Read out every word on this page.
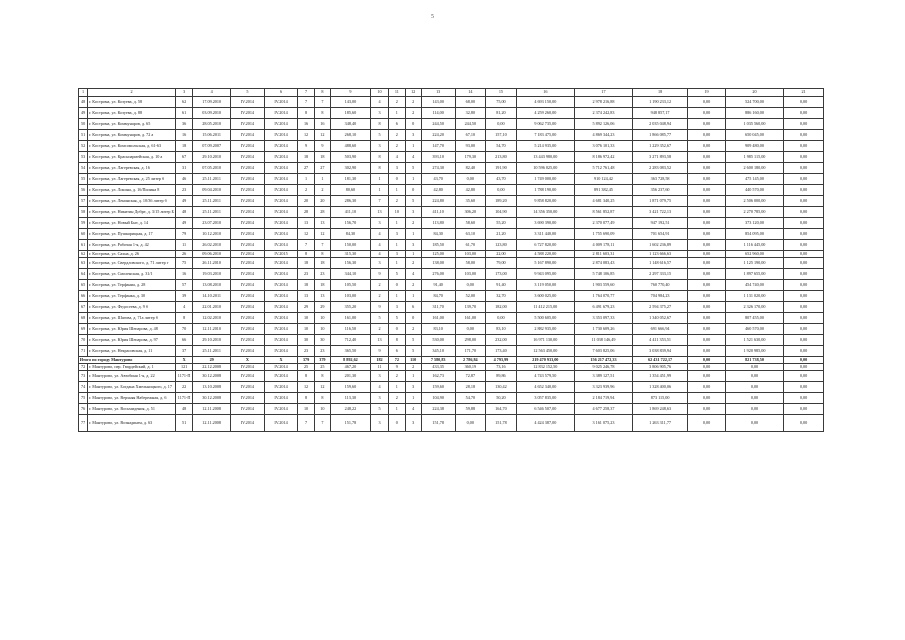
5
1	2	3	4	5	6	7	8	9	10	11	12	13	14	15	16	17	18	19	20	21
48	г. Кострома, ул. Козуева, д. 58	62	17.09.2010	IV.2014	IV.2014	7	7	143,00	4	2	2	143,00	68,00	75,00	4 693 150,00	2 978 216,88	1 190 233,12	0,00	524 700,00	0,00
49	г. Кострома, ул. Козуева, д. 88	61	03.09.2010	IV.2014	IV.2014	8	8	185,60	3	1	2	114,00	32,80	81,20	4 259 260,00	2 374 242,83	948 857,17	0,00	886 160,00	0,00
50	г. Кострома, ул. Коммунаров, д. 65	36	28.05.2010	IV.2014	IV.2014	16	16	348,40	8	6	0	244,50	244,50	0,00	9 062 735,00	5 892 126,06	2 035 048,94	0,00	1 035 560,00	0,00
51	г. Кострома, ул. Коммунаров, д. 72 а	16	15.06.2011	IV.2014	IV.2014	12	12	268,10	5	2	3	224,20	67,10	157,10	7 183 475,00	4 869 344,23	1 866 085,77	0,00	650 045,00	0,00
52	г. Кострома, ул. Комсомольская, д. 61-63	18	07.09.2007	IV.2014	IV.2014	9	9	488,60	3	2	1	147,70	93,00	54,70	5 214 935,00	3 076 101,33	1 229 352,67	0,00	909 480,00	0,00
53	г. Кострома, ул. Красноармейская, д. 10 а	67	29.10.2010	IV.2014	IV.2014	18	18	503,90	8	4	4	393,10	179,30	213,80	13 443 980,00	8 186 972,42	3 271 893,58	0,00	1 985 115,00	0,00
54	г. Кострома, ул. Лагеревская, д. 16	31	07.05.2010	IV.2014	IV.2014	27	27	302,90	8	3	5	274,30	82,40	191,90	10 596 025,00	5 712 761,48	2 283 083,52	0,00	2 600 180,00	0,00
55	г. Кострома, ул. Лагеревская, д. 25 литер б	46	25.11.2011	IV.2014	IV.2014	1	1	181,30	1	0	1	43,70	0,00	43,70	1 749 000,00	910 124,42	363 728,58	0,00	475 145,00	0,00
56	г. Кострома, ул. Локина, д. 16/Пилина 8	23	09.04.2010	IV.2014	IV.2014	2	2	80,60	1	1	0	42,80	42,80	0,00	1 788 190,00	891 382,45	356 237,60	0,00	440 570,00	0,00
57	г. Кострома, ул. Ленинская, д. 10/36 литер б	49	25.11.2011	IV.2014	IV.2014	20	20	286,30	7	2	5	224,80	35,60	189,20	9 858 820,00	4 681 340,25	1 871 079,75	0,00	2 506 000,00	0,00
58	г. Кострома, ул. Никитин Добре, д. 3/15 литер Б	48	25.11.2011	IV.2014	IV.2014	28	28	411,10	13	10	3	411,10	306,20	104,90	14 356 350,00	8 561 852,87	3 421 722,13	0,00	2 270 785,00	0,00
59	г. Кострома, ул. Новый Быт, д. 14	49	23.07.2010	IV.2014	IV.2014	13	13	156,70	3	1	2	113,80	58,60	55,20	3 690 390,00	2 370 077,49	947 192,51	0,00	373 120,00	0,00
60	г. Кострома, ул. Пушкарицкая, д. 17	79	10.12.2010	IV.2014	IV.2014	12	12	84,30	4	3	1	84,30	63,10	21,20	3 311 440,00	1 755 690,09	701 654,91	0,00	854 095,00	0,00
61	г. Кострома, ул. Рабочая 1-я, д. 42	11	26.02.2010	IV.2014	IV.2014	7	7	150,00	4	1	3	185,50	61,70	123,80	6 727 820,00	4 009 178,11	1 602 236,89	0,00	1 116 445,00	0,00
62	г. Кострома, ул. Сахна, д. 26	26	09.06.2010	IV.2014	IV.2015	8	8	315,30	4	3	1	125,00	103,00	22,00	4 588 220,00	2 811 603,31	1 123 666,63	0,00	652 960,00	0,00
63	г. Кострома, ул. Свердловского, д. 71 литер г	75	26.11.2010	IV.2014	IV.2014	18	18	156,30	3	1	2	138,00	58,00	79,00	5 167 890,00	2 874 083,43	1 148 616,57	0,00	1 125 190,00	0,00
64	г. Кострома, ул. Смоленская, д. 31/1	16	19.03.2010	IV.2014	IV.2014	23	23	344,10	9	5	4	276,00	103,00	173,00	9 943 095,00	5 748 106,85	2 297 333,15	0,00	1 897 655,00	0,00
65	г. Кострома, ул. Терфаниа, д. 28	57	13.08.2010	IV.2014	IV.2014	18	18	105,50	2	0	2	91,40	0,00	91,40	3 119 050,00	1 903 559,60	760 770,40	0,00	454 740,00	0,00
66	г. Кострома, ул. Терфанка, д. 30	39	14.10.2011	IV.2014	IV.2014	13	13	103,00	2	1	1	84,70	52,00	32,70	3 600 025,00	1 764 070,77	704 984,23	0,00	1 131 020,00	0,00
67	г. Кострома, ул. Федосеева, д. 9 б	4	22.01.2010	IV.2014	IV.2014	29	29	355,20	9	3	6	311,70	139,70	182,00	11 412 215,00	6 491 679,23	2 594 375,27	0,00	2 326 170,00	0,00
68	г. Кострома, ул. Шагова, д. 71а литер б	8	12.02.2010	IV.2014	IV.2014	10	10	161,00	5	5	0	161,00	161,00	0,00	5 500 605,00	3 353 097,33	1 340 052,67	0,00	807 455,00	0,00
69	г. Кострома, ул. Юрия Шепарова, д. 48	70	12.11.2010	IV.2014	IV.2014	10	10	116,50	2	0	2	83,10	0,00	83,10	2 882 935,00	1 730 609,26	691 666,94	0,00	460 570,00	0,00
70	г. Кострома, ул. Юрия Шепарова, д. 97	66	29.10.2010	IV.2014	IV.2014	30	30	712,40	13	8	5	530,00	298,00	232,00	16 971 130,00	11 038 146,49	4 411 353,51	0,00	1 521 630,00	0,00
71	г. Кострома, ул. Некрасовская, д. 11	37	25.11.2011	IV.2014	IV.2014	23	23	365,50	9	6	5	345,10	171,70	173,40	12 563 450,00	7 603 825,06	3 038 839,94	0,00	1 920 985,00	0,00
Итого по городу Мантурово		X	29	X	X	379	379	8 892,62	182	72	110	7 580,83	2 786,84	4 793,99	219 470 933,00	156 217 472,33	62 431 722,17	0,00	821 738,50	0,00
72	г. Мантурово, пер. Гвардейский, д. 1	121	22.12.2008	IV.2014	IV.2014	25	25	467,20	11	9	2	433,35	360,19	73,16	12 832 152,50	9 025 246,78	3 806 905,76	0,00	0,00	0,00
73	г. Мантурово, ул. Автобиня 1-я, д. 22	1171-П	30.12.2008	IV.2014	IV.2014	8	8	201,30	3	2	1	162,73	72,87	89,86	4 743 579,50	3 389 127,51	1 354 451,99	0,00	0,00	0,00
74	г. Мантурово, ул. Богдана Хмельницкого, д. 17	22	13.10.2008	IV.2014	IV.2014	12	12	159,60	4	1	3	159,60	28,18	130,42	4 652 340,00	3 323 939,96	1 328 400,06	0,00	0,00	0,00
75	г. Мантурово, ул. Верхняя Набережная, д. 6	1171-П	30.12.2008	IV.2014	IV.2014	8	8	113,30	3	2	1	104,90	54,70	50,20	3 057 835,00	2 184 719,94	873 115,00	0,00	0,00	0,00
76	г. Мантурово, ул. Восьмидения, д. 51	48	12.11.2008	IV.2014	IV.2014	10	10	248,22	5	1	4	224,38	59,88	164,70	6 546 507,00	4 677 258,37	1 869 248,63	0,00	0,00	0,00
77	г. Мантурово, ул. Вознадинен, д. 63	51	12.11.2008	IV.2014	IV.2014	7	7	151,78	3	0	3	151,78	0,00	151,78	4 424 387,00	3 161 075,23	1 263 311,77	0,00	0,00	0,00
